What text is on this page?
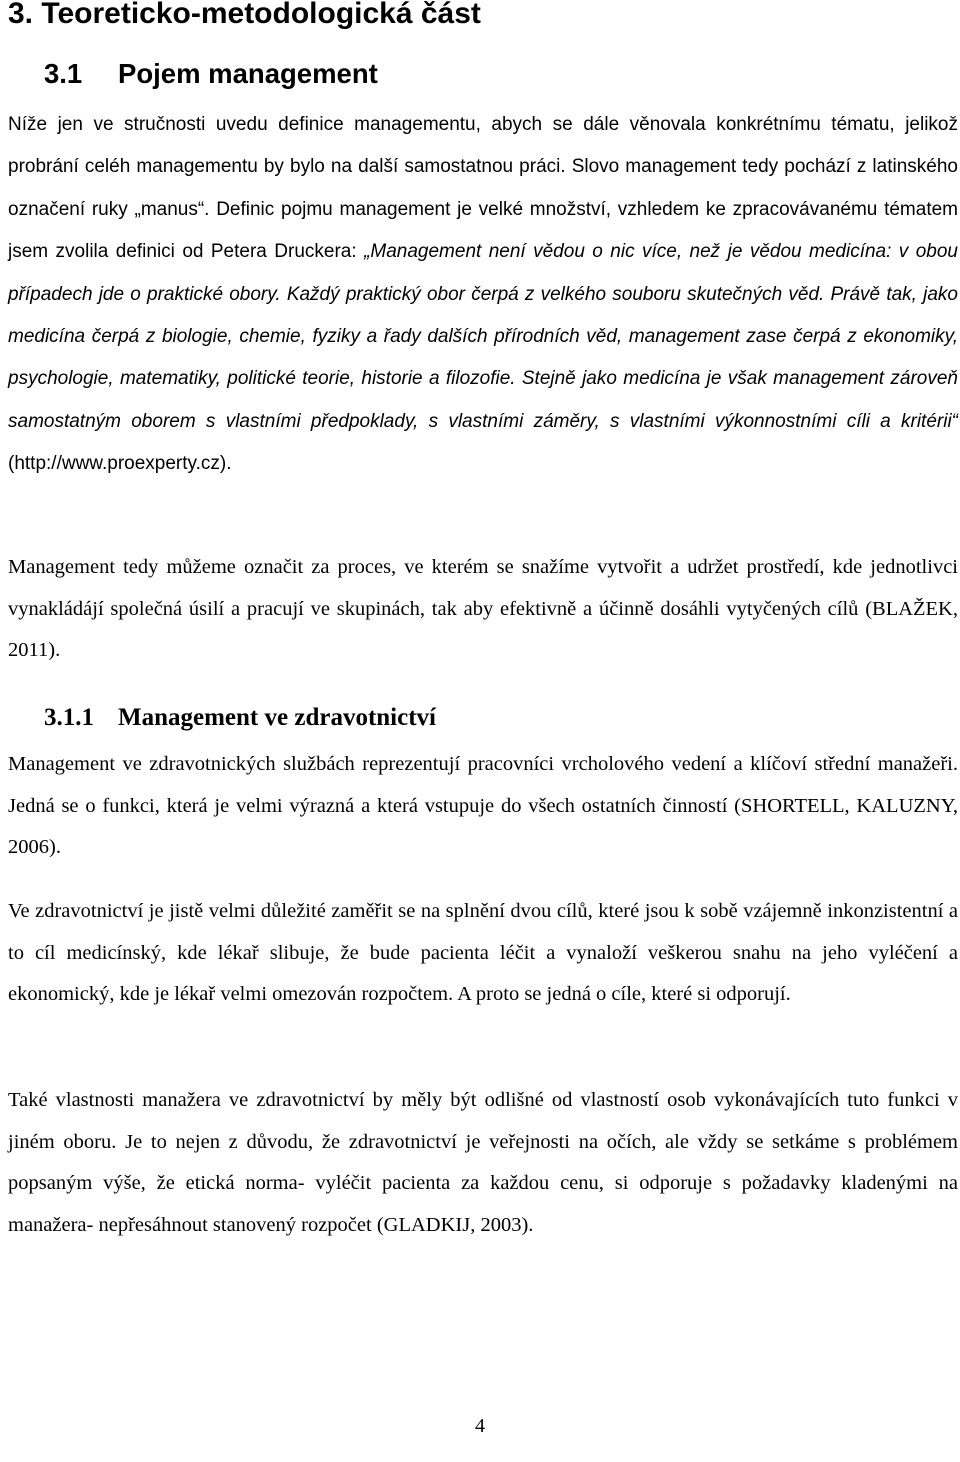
3. Teoreticko-metodologická část
3.1 Pojem management

Níže jen ve stručnosti uvedu definice managementu, abych se dále věnovala konkrétnímu tématu, jelikož probrání celéh managementu by bylo na další samostatnou práci. Slovo management tedy pochází z latinského označení ruky „manus“. Definic pojmu management je velké množství, vzhledem ke zpracovávanému tématem jsem zvolila definici od Petera Druckera: „Management není vědou o nic více, než je vědou medicína: v obou případech jde o praktické obory. Každý praktický obor čerpá z velkého souboru skutečných věd. Právě tak, jako medicína čerpá z biologie, chemie, fyziky a řady dalších přírodních věd, management zase čerpá z ekonomiky, psychologie, matematiky, politické teorie, historie a filozofie. Stejně jako medicína je však management zároveň samostatným oborem s vlastními předpoklady, s vlastními záměry, s vlastními výkonnostními cíli a kritérii“ (http://www.proexperty.cz).

Management tedy můžeme označit za proces, ve kterém se snažíme vytvořit a udržet prostředí, kde jednotlivci vynakládájí společná úsilí a pracují ve skupinách, tak aby efektivně a účinně dosáhli vytyčených cílů (BLAŽEK, 2011).

3.1.1 Management ve zdravotnictví

Management ve zdravotnických službách reprezentují pracovníci vrcholového vedení a klíčoví střední manažeři. Jedná se o funkci, která je velmi výrazná a která vstupuje do všech ostatních činností (SHORTELL, KALUZNY, 2006).

Ve zdravotnictví je jistě velmi důležité zaměřit se na splnění dvou cílů, které jsou k sobě vzájemně inkonzistentní a to cíl medicínský, kde lékař slibuje, že bude pacienta léčit a vynaloží veškerou snahu na jeho vyléčení a ekonomický, kde je lékař velmi omezován rozpočtem. A proto se jedná o cíle, které si odporují.

Také vlastnosti manažera ve zdravotnictví by měly být odlišné od vlastností osob vykonávajících tuto funkci v jiném oboru. Je to nejen z důvodu, že zdravotnictví je veřejnosti na očích, ale vždy se setkáme s problémem popsaným výše, že etická norma- vyléčit pacienta za každou cenu, si odporuje s požadavky kladenými na manažera- nepřesáhnout stanovený rozpočet (GLADKIJ, 2003).

4
